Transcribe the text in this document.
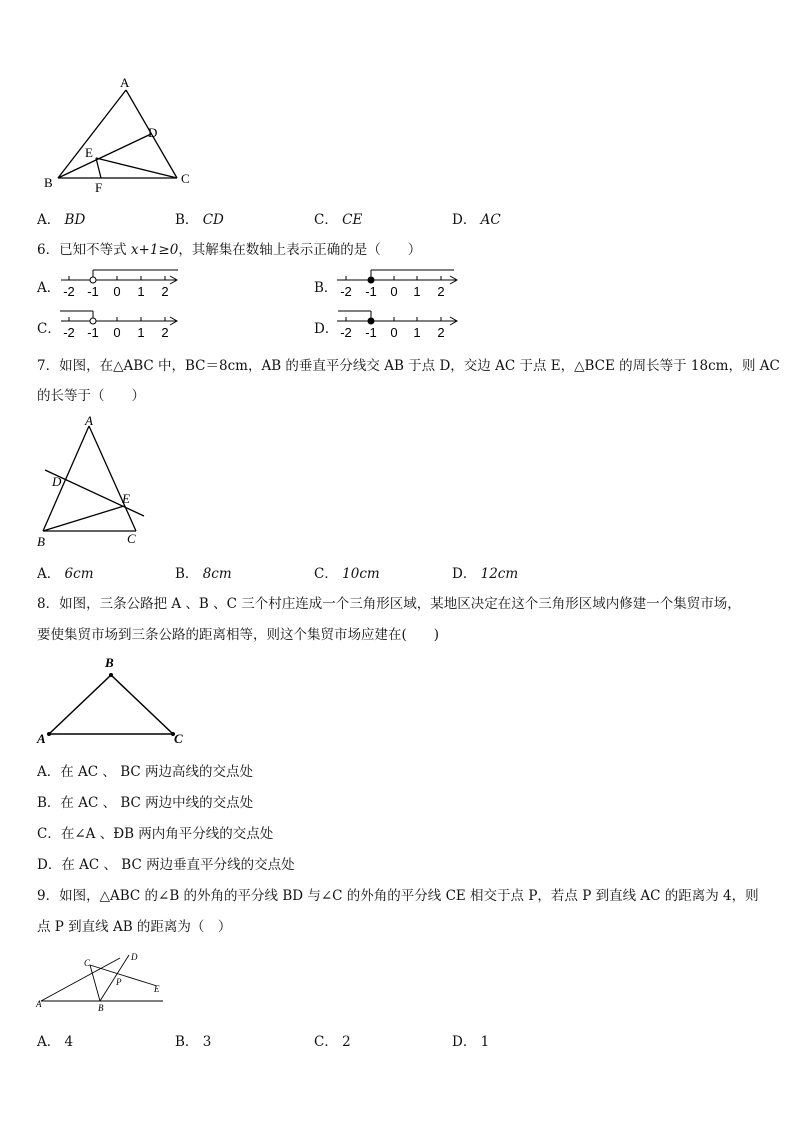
A
B	C
D
E
F
A． BD	B． CD	C． CE	D． AC
6．已知不等式 x+1≥0，其解集在数轴上表示正确的是（　　）
A． -2 -1 0 1 2	B． -2 -1 0 1 2
C． -2 -1 0 1 2	D． -2 -1 0 1 2
7．如图，在△ABC 中，BC＝8cm，AB 的垂直平分线交 AB 于点 D，交边 AC 于点 E，△BCE 的周长等于 18cm，则 AC
的长等于（　　）
A
B	C
D
E
A． 6cm	B． 8cm	C． 10cm	D． 12cm
8．如图，三条公路把 A 、B 、C 三个村庄连成一个三角形区域，某地区决定在这个三角形区域内修建一个集贸市场，
要使集贸市场到三条公路的距离相等，则这个集贸市场应建在(　　)
B
A	C
A．在 AC 、 BC 两边高线的交点处
B．在 AC 、 BC 两边中线的交点处
C．在∠A 、ÐB 两内角平分线的交点处
D．在 AC 、 BC 两边垂直平分线的交点处
9．如图，△ABC 的∠B 的外角的平分线 BD 与∠C 的外角的平分线 CE 相交于点 P，若点 P 到直线 AC 的距离为 4，则
点 P 到直线 AB 的距离为（　）
A	B
C
D
E
P
A． 4	B． 3	C． 2	D． 1
